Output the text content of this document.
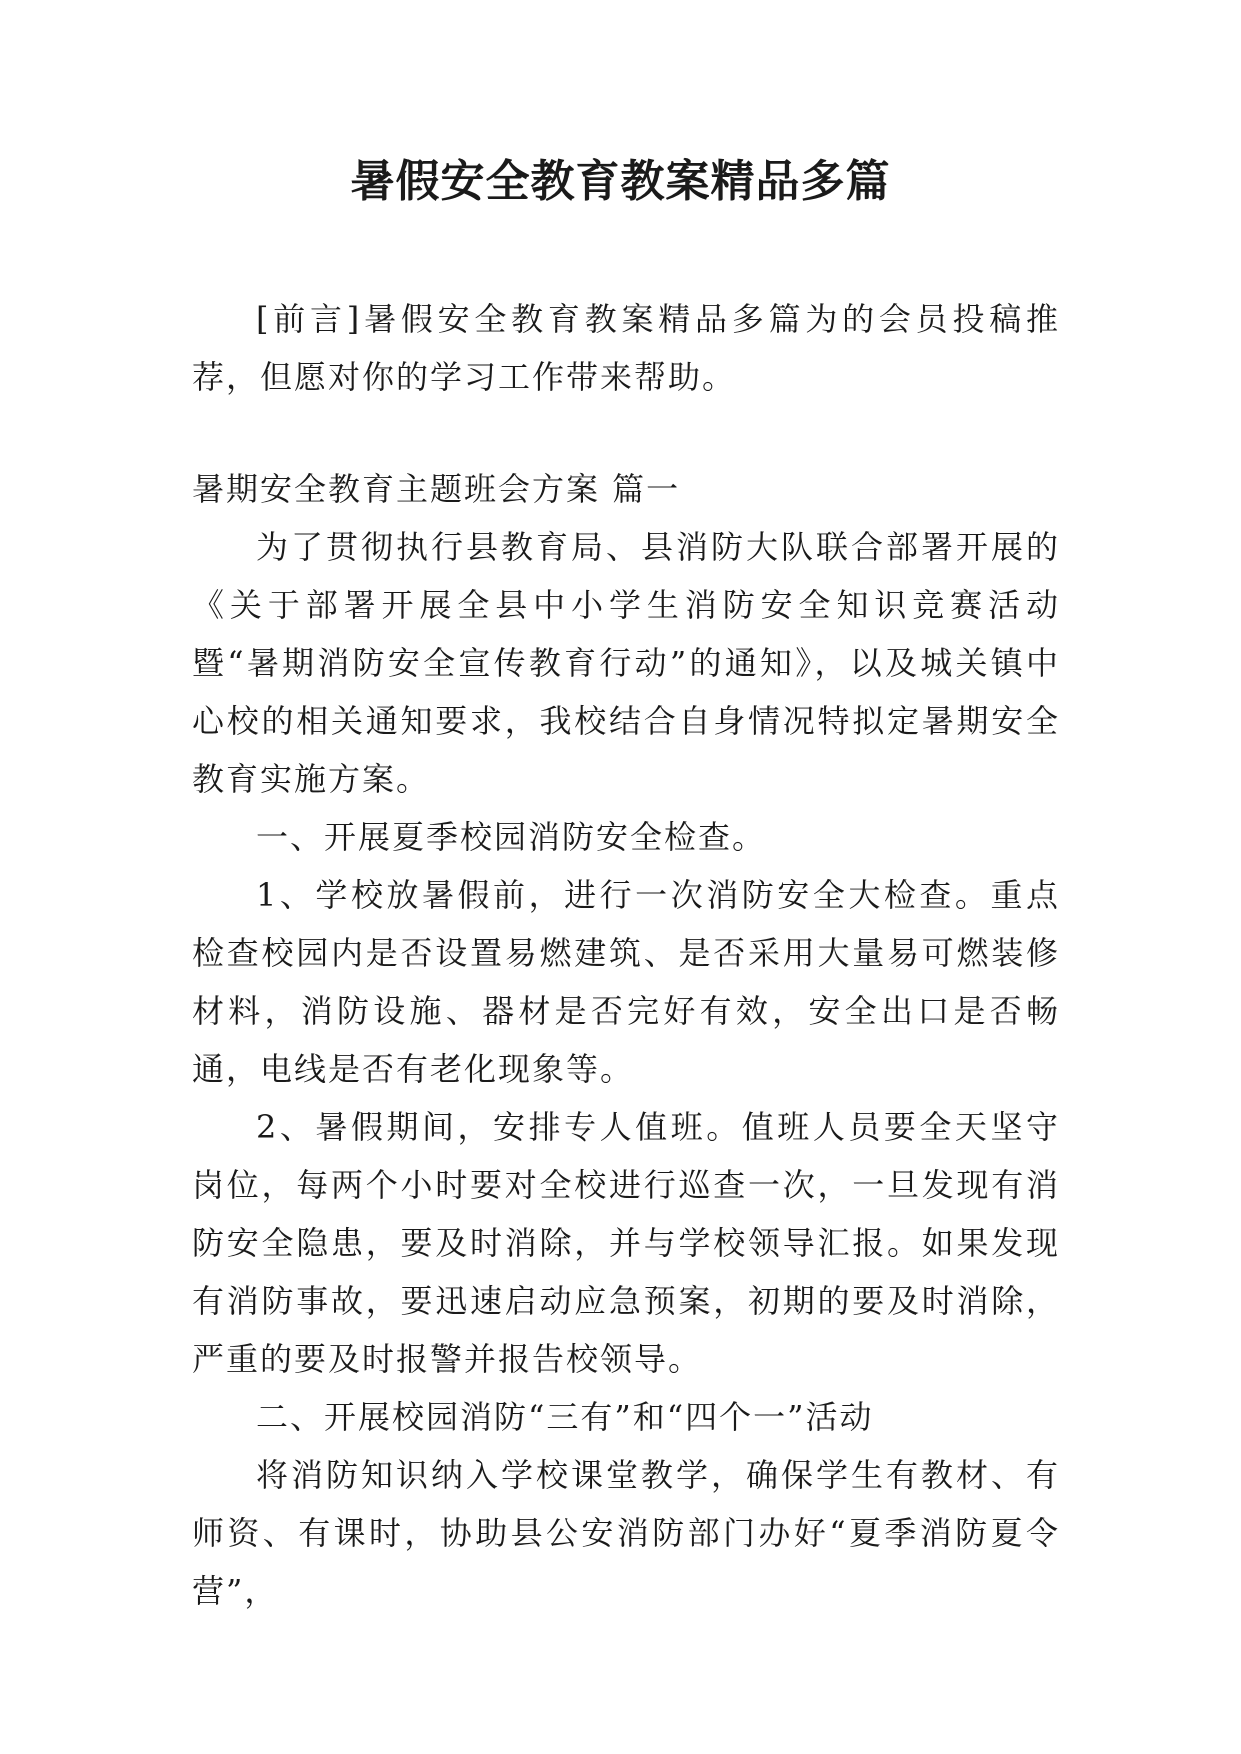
暑假安全教育教案精品多篇

[前言]暑假安全教育教案精品多篇为的会员投稿推荐，但愿对你的学习工作带来帮助。

暑期安全教育主题班会方案 篇一

为了贯彻执行县教育局、县消防大队联合部署开展的《关于部署开展全县中小学生消防安全知识竞赛活动暨“暑期消防安全宣传教育行动”的通知》，以及城关镇中心校的相关通知要求，我校结合自身情况特拟定暑期安全教育实施方案。

一、开展夏季校园消防安全检查。

1、学校放暑假前，进行一次消防安全大检查。重点检查校园内是否设置易燃建筑、是否采用大量易可燃装修材料，消防设施、器材是否完好有效，安全出口是否畅通，电线是否有老化现象等。

2、暑假期间，安排专人值班。值班人员要全天坚守岗位，每两个小时要对全校进行巡查一次，一旦发现有消防安全隐患，要及时消除，并与学校领导汇报。如果发现有消防事故，要迅速启动应急预案，初期的要及时消除，严重的要及时报警并报告校领导。

二、开展校园消防“三有”和“四个一”活动

将消防知识纳入学校课堂教学，确保学生有教材、有师资、有课时，协助县公安消防部门办好“夏季消防夏令营”，
